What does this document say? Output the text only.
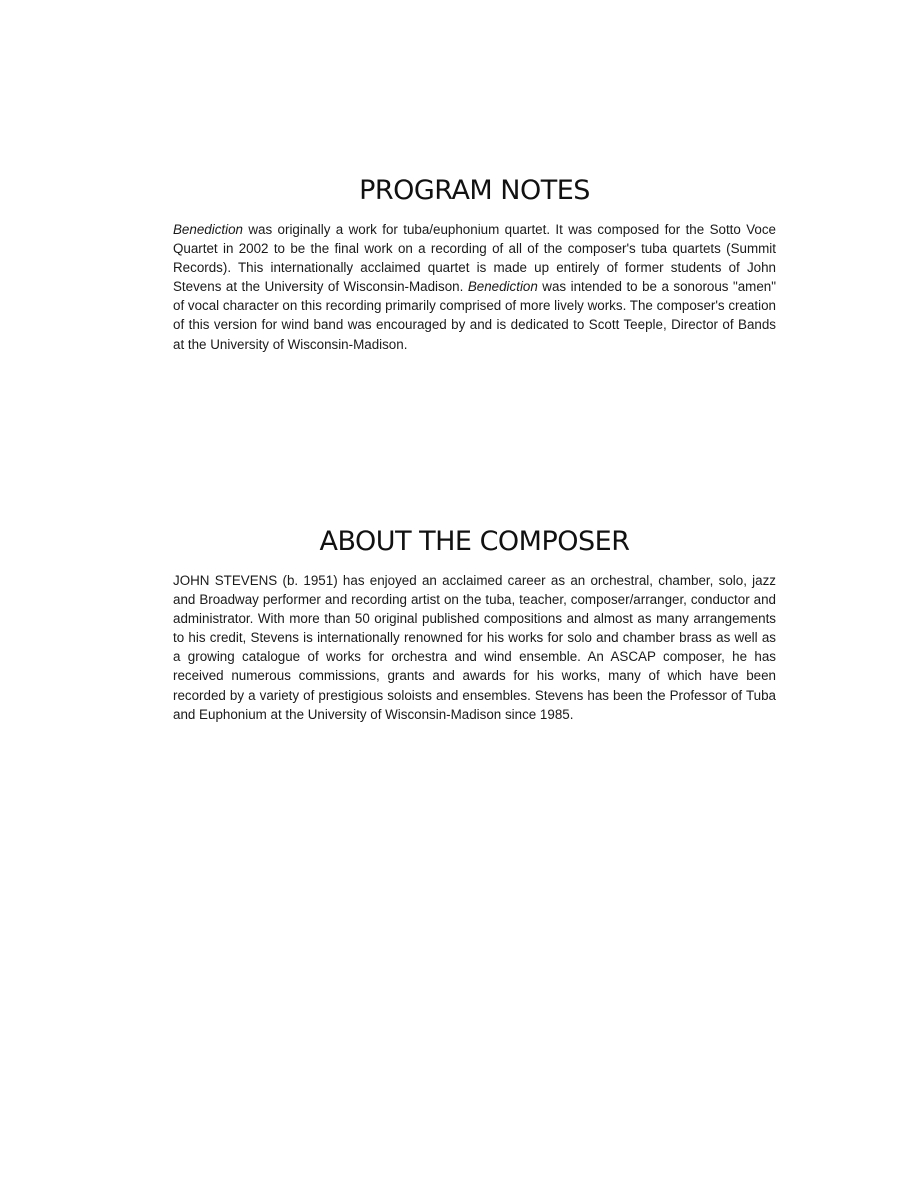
PROGRAM NOTES

Benediction was originally a work for tuba/euphonium quartet. It was composed for the Sotto Voce Quartet in 2002 to be the final work on a recording of all of the composer's tuba quartets (Summit Records). This internationally acclaimed quartet is made up entirely of former students of John Stevens at the University of Wisconsin-Madison. Benediction was intended to be a sonorous "amen" of vocal character on this recording primarily comprised of more lively works. The composer's creation of this version for wind band was encouraged by and is dedicated to Scott Teeple, Director of Bands at the University of Wisconsin-Madison.

ABOUT THE COMPOSER

JOHN STEVENS (b. 1951) has enjoyed an acclaimed career as an orchestral, chamber, solo, jazz and Broadway performer and recording artist on the tuba, teacher, composer/arranger, conductor and administrator. With more than 50 original published compositions and almost as many arrangements to his credit, Stevens is internationally renowned for his works for solo and chamber brass as well as a growing catalogue of works for orchestra and wind ensemble. An ASCAP composer, he has received numerous commissions, grants and awards for his works, many of which have been recorded by a variety of prestigious soloists and ensembles. Stevens has been the Professor of Tuba and Euphonium at the University of Wisconsin-Madison since 1985.
